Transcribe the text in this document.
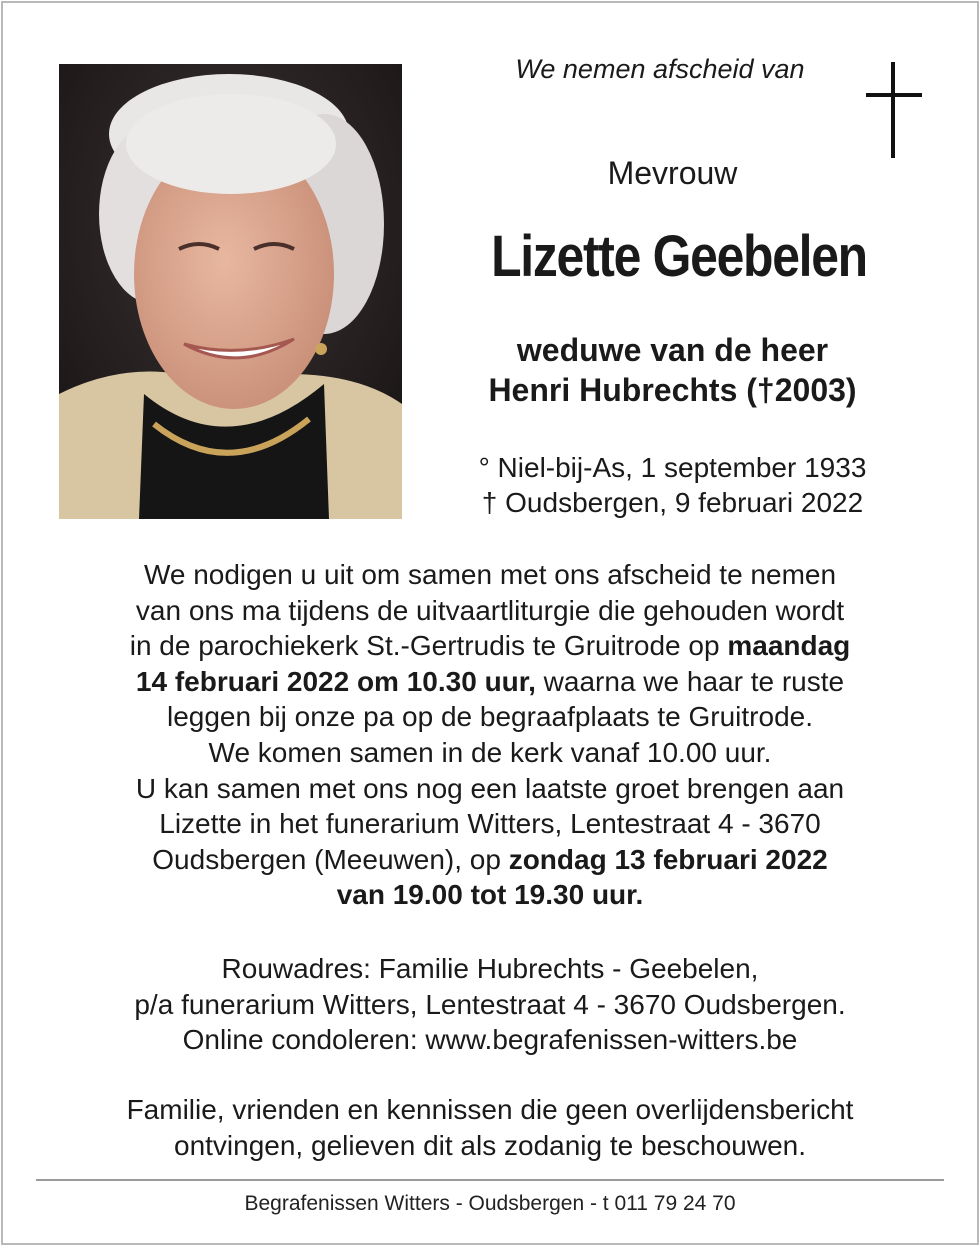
We nemen afscheid van
Mevrouw
Lizette Geebelen
weduwe van de heer
Henri Hubrechts (†2003)
° Niel-bij-As, 1 september 1933
† Oudsbergen, 9 februari 2022
We nodigen u uit om samen met ons afscheid te nemen
van ons ma tijdens de uitvaartliturgie die gehouden wordt
in de parochiekerk St.-Gertrudis te Gruitrode op maandag
14 februari 2022 om 10.30 uur, waarna we haar te ruste
leggen bij onze pa op de begraafplaats te Gruitrode.
We komen samen in de kerk vanaf 10.00 uur.
U kan samen met ons nog een laatste groet brengen aan
Lizette in het funerarium Witters, Lentestraat 4 - 3670
Oudsbergen (Meeuwen), op zondag 13 februari 2022
van 19.00 tot 19.30 uur.
Rouwadres: Familie Hubrechts - Geebelen,
p/a funerarium Witters, Lentestraat 4 - 3670 Oudsbergen.
Online condoleren: www.begrafenissen-witters.be
Familie, vrienden en kennissen die geen overlijdensbericht
ontvingen, gelieven dit als zodanig te beschouwen.
Begrafenissen Witters - Oudsbergen - t 011 79 24 70
